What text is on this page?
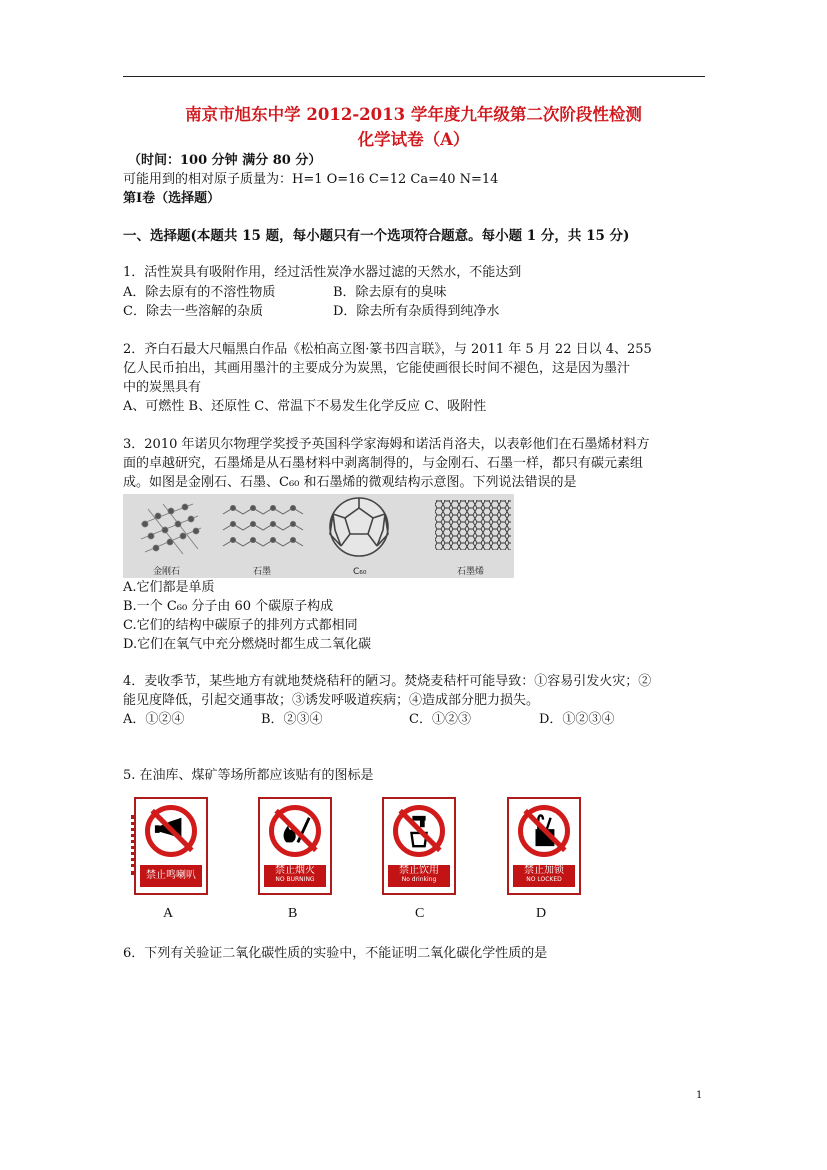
南京市旭东中学 2012-2013 学年度九年级第二次阶段性检测
化学试卷（A）
（时间：100 分钟 满分 80 分）
可能用到的相对原子质量为：H=1 O=16 C=12 Ca=40 N=14
第Ⅰ卷（选择题）
一、选择题(本题共 15 题，每小题只有一个选项符合题意。每小题 1 分，共 15 分)
1．活性炭具有吸附作用，经过活性炭净水器过滤的天然水，不能达到
A．除去原有的不溶性物质	B．除去原有的臭味
C．除去一些溶解的杂质	D．除去所有杂质得到纯净水
2．齐白石最大尺幅黑白作品《松柏高立图·篆书四言联》，与 2011 年 5 月 22 日以 4、255
亿人民币拍出，其画用墨汁的主要成分为炭黑，它能使画很长时间不褪色，这是因为墨汁
中的炭黑具有
A、可燃性 B、还原性 C、常温下不易发生化学反应 C、吸附性
3．2010 年诺贝尔物理学奖授予英国科学家海姆和诺活肖洛夫，以表彰他们在石墨烯材料方
面的卓越研究，石墨烯是从石墨材料中剥离制得的，与金刚石、石墨一样，都只有碳元素组
成。如图是金刚石、石墨、C₆₀ 和石墨烯的微观结构示意图。下列说法错误的是
金刚石	石墨	C₆₀	石墨烯
A.它们都是单质
B.一个 C₆₀ 分子由 60 个碳原子构成
C.它们的结构中碳原子的排列方式都相同
D.它们在氧气中充分燃烧时都生成二氧化碳
4．麦收季节，某些地方有就地焚烧秸秆的陋习。焚烧麦秸杆可能导致：①容易引发火灾；②
能见度降低，引起交通事故；③诱发呼吸道疾病；④造成部分肥力损失。
A．①②④	B．②③④	C．①②③	D．①②③④
5. 在油库、煤矿等场所都应该贴有的图标是
禁止鸣喇叭	禁止烟火
NO BURNING
禁止饮用
No drinking
禁止加锁
NO LOCKED
A	B	C	D
6．下列有关验证二氧化碳性质的实验中，不能证明二氧化碳化学性质的是
1
